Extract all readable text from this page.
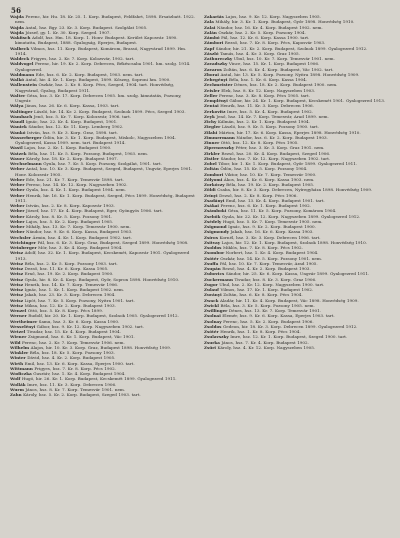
56

Wajda Ferenc, hir. Hu. 18. Kr. 25. 1. Korp. Budapest, Feldfahrt, 1898. Ersatzbatt. 1922. nem.

Wajda Antal, hsz. Bgy. 23. Kr. 3. Korp. Budapest. Szolgálat 1905.

Wajda József, gy. 1. Kr. 30. Korp. Szeged. 1907.

Wakfisch Adolf, hsz. Hm. 18. Korp. 1. Honv. Budapest. Kerület Kaposvár. 1890. kimutatta, Budapest, 1888. Gyalogság, Eperjes, Budapest.

Walbeck Vilmos, hsz. 11. Korp. Budapest, Komárom, Brassó, Nagyvárad 1899. Hm. 1914.

Waldeck Frigyes, hsz. 2. Kr. 7. Korp. Kolozsvár, 1902. tart.

Waldvogel Ferenc, hir. 19. Kr. 2. Korp. Debrecen, Békéscsaba 1901. hm. szolg. 1914. Gyalogezred.

Waldmann Ede, hsz. 6. Kr. 2. Korp. Budapest, 1903. nem. tart.

Walkó Antal, hir. 4. Kr. 1. Korp. Budapest, 1899. Kőszeg, Soproni hm. 1900.

Wallenstein Oszkár, hsz. 2. Kr. 8. Korp. Pécs, Szeged, 1904. tart. Honvédség, Nagyvárad, Gyalog, Budapest 1911.

Walter Géza, hsz. 3. Kr. 17. Korp. Debrecen 1905. hm. szolg. kimutatás, Pozsony, Ungvár.

Wálya János, hsz. 26. Kr. 6. Korp. Kassa, 1903. tart.

Waltinger László, hir. 14. Kr. 2. Korp. Budapest, Szolnok 1899. Pécs, Szeged 1903.

Wambach Jenő, hsz. 5. Kr. 7. Korp. Kolozsvár, 1906. tart.

Wandl Ignác, hsz. 22. Kr. 4. Korp. Budapest, 1901.

Waniek Sándor, hsz. 12. Kr. 11. Korp. Lemberg 1902.

Wankó István, hsz. 9. Kr. 3. Korp. Graz, 1898. tart.

Wasserberger Ödön, hir. 3. Kr. 1. Korp. Budapest, Miskolc, Nagyszeben 1904. Gyalogezred, Kassa 1909. nem. tart. Budapest 1914.

Wastl Lajos, hsz. 2. Kr. 1. Korp. Budapest 1900.

Watzek Béla, hsz. 11. Kr. 5. Korp. Pozsony, Budapest, 1903. nem.

Wauer Károly, hsz. 18. Kr. 2. Korp. Budapest 1907.

Wechselmann Gyula, hsz. 7. Kr. 5. Korp. Pozsony, Szolgálat, 1901. tart.

Weber Antal, hsz. 10. Kr. 3. Korp. Budapest, Szeged, Budapest, Ungvár, Eperjes 1901. Honv. Kolozsvár 1905.

Weber Ede, hsz. 21. Kr. 7. Korp. Temesvár 1898. tart.

Weber Ferenc, hsz. 14. Kr. 12. Korp. Nagyszeben 1902.

Weber Gyula, hsz. 4. Kr. 1. Korp. Budapest 1904. nem.

Weber Henrik, hir. 16. Kr. 1. Korp. Budapest, Szeged, Pécs 1899. Honvédség, Budapest 1911.

Weber István, hsz. 2. Kr. 8. Korp. Kaposvár 1903.

Weber József, hsz. 17. Kr. 4. Korp. Budapest, Eger, Gyöngyös 1906. tart.

Weber Károly, hsz. 8. Kr. 5. Korp. Pozsony 1901.

Weber Lajos, hsz. 5. Kr. 2. Korp. Budapest 1905.

Weber Mihály, hsz. 13. Kr. 7. Korp. Temesvár 1900. nem.

Weber Nándor, hsz. 9. Kr. 6. Korp. Kassa, Budapest 1903.

Wechsler Ármin, hsz. 4. Kr. 1. Korp. Budapest 1902. tart.

Weichinger Pál, hsz. 6. Kr. 3. Korp. Graz, Budapest, Szeged 1899. Honvédség 1908.

Weinberger Mór, hsz. 3. Kr. 4. Korp. Budapest 1904.

Weisz Adolf, hsz. 32. Kr. 1. Korp. Budapest, Kecskemét, Kaposvár 1901. Gyalogezred 1913.

Weisz Béla, hsz. 2. Kr. 5. Korp. Pozsony 1903. tart.

Weisz Dezső, hsz. 11. Kr. 6. Korp. Kassa 1905.

Weisz Ernő, hsz. 19. Kr. 2. Korp. Budapest 1900.

Weisz Gyula, hir. 8. Kr. 4. Korp. Budapest, Győr, Sopron 1898. Honvédség 1910.

Weisz Henrik, hsz. 14. Kr. 7. Korp. Temesvár 1906.

Weisz Ignác, hsz. 1. Kr. 1. Korp. Budapest 1902. nem.

Weisz Jakab, hsz. 23. Kr. 3. Korp. Debrecen 1904.

Weisz Lipót, hsz. 7. Kr. 5. Korp. Pozsony, Nyitra 1901. tart.

Weisz Miksa, hsz. 12. Kr. 2. Korp. Budapest 1903.

Wenzel Ottó, hsz. 5. Kr. 8. Korp. Pécs 1899.

Werner Rudolf, hir. 20. Kr. 1. Korp. Budapest, Szolnok 1905. Gyalogezred 1912.

Wertheimer Samu, hsz. 3. Kr. 6. Korp. Kassa 1900.

Wesselényi Gábor, hsz. 9. Kr. 12. Korp. Nagyszeben 1902. tart.

Wetzel Tivadar, hsz. 15. Kr. 4. Korp. Budapest 1904.

Wiener Zsigmond, hsz. 6. Kr. 1. Korp. Budapest, Vác 1901.

Wild Ferenc, hsz. 2. Kr. 7. Korp. Temesvár 1906. nem.

Wilhelm Alajos, hir. 10. Kr. 3. Korp. Graz, Budapest 1898. Honvédség 1909.

Winkler Béla, hsz. 18. Kr. 5. Korp. Pozsony 1903.

Winter Dávid, hsz. 4. Kr. 2. Korp. Budapest 1905.

Wirth Emil, hsz. 13. Kr. 6. Korp. Kassa, Eperjes 1900. tart.

Wittmann Frigyes, hsz. 7. Kr. 8. Korp. Pécs 1902.

Wodiczka Gusztáv, hsz. 1. Kr. 4. Korp. Budapest 1904.

Wolf Hugó, hir. 26. Kr. 1. Korp. Budapest, Kecskemét 1899. Gyalogezred 1911.

Wollák Imre, hsz. 11. Kr. 3. Korp. Debrecen 1906.

Wurm János, hsz. 8. Kr. 7. Korp. Temesvár 1901. nem.

Zahn Károly, hsz. 5. Kr. 2. Korp. Budapest, Szeged 1903. tart.

Zakariás Lajos, hsz. 9. Kr. 12. Korp. Nagyszeben 1905.

Zala Mihály, hir. 3. Kr. 1. Korp. Budapest, Győr 1898. Honvédség 1910.

Zalai Nándor, hsz. 16. Kr. 4. Korp. Budapest 1902. nem.

Zalán Oszkár, hsz. 2. Kr. 5. Korp. Pozsony 1904.

Zámbó Pál, hsz. 12. Kr. 6. Korp. Kassa 1900. tart.

Zámbori Rezső, hsz. 7. Kr. 8. Korp. Pécs, Kaposvár 1903.

Zapf Sándor, hir. 21. Kr. 2. Korp. Budapest, Szolnok 1899. Gyalogezred 1912.

Zászló Tamás, hsz. 4. Kr. 3. Korp. Graz 1905.

Zathureczky Ubul, hsz. 10. Kr. 7. Korp. Temesvár 1901. nem.

Zavadszky Vince, hsz. 15. Kr. 1. Korp. Budapest 1906.

Zavaros Zoltán, hsz. 6. Kr. 4. Korp. Budapest, Vác 1902. tart.

Zborai Antal, hir. 13. Kr. 5. Korp. Pozsony, Nyitra 1898. Honvédség 1909.

Zebegényi Béla, hsz. 1. Kr. 6. Korp. Kassa 1904.

Zechmeister Dénes, hsz. 18. Kr. 2. Korp. Budapest 1900. nem.

Zeisler Elek, hsz. 8. Kr. 12. Korp. Nagyszeben 1903.

Zeller Ferenc, hsz. 3. Kr. 8. Korp. Pécs 1905. tart.

Zemplényi Gábor, hir. 24. Kr. 1. Korp. Budapest, Kecskemét 1901. Gyalogezred 1913.

Zentai Henrik, hsz. 11. Kr. 3. Korp. Debrecen 1906.

Zerkovitz Imre, hsz. 5. Kr. 4. Korp. Budapest 1902.

Zeyk Jenő, hsz. 14. Kr. 7. Korp. Temesvár, Arad 1899. nem.

Zichy Kálmán, hsz. 2. Kr. 1. Korp. Budapest 1904.

Ziegler László, hsz. 9. Kr. 5. Korp. Pozsony 1900. tart.

Zilahi Márton, hir. 17. Kr. 6. Korp. Kassa, Eperjes 1898. Honvédség 1910.

Zimmermann Nándor, hsz. 6. Kr. 2. Korp. Budapest 1903.

Zinner Ottó, hsz. 12. Kr. 8. Korp. Pécs 1905.

Zipernovszky Péter, hsz. 3. Kr. 3. Korp. Graz 1901. nem.

Zirkler Rezső, hsz. 20. Kr. 4. Korp. Budapest, Szeged 1906.

Zistler Sándor, hsz. 7. Kr. 12. Korp. Nagyszeben 1902. tart.

Zobel Tibor, hir. 1. Kr. 1. Korp. Budapest, Győr 1899. Gyalogezred 1911.

Zoltán Ödön, hsz. 15. Kr. 5. Korp. Pozsony 1904.

Zombori Viktor, hsz. 10. Kr. 7. Korp. Temesvár 1900.

Zólyomi Ákos, hsz. 4. Kr. 6. Korp. Kassa 1903. nem.

Zorkóczy Béla, hsz. 19. Kr. 2. Korp. Budapest 1905.

Zöldi Csaba, hir. 8. Kr. 3. Korp. Debrecen, Nyíregyháza 1898. Honvédség 1909.

Zrínyi Dezső, hsz. 2. Kr. 8. Korp. Pécs 1906.

Zsadányi Emil, hsz. 13. Kr. 4. Korp. Budapest 1901. tart.

Zsákai Ferenc, hsz. 6. Kr. 1. Korp. Budapest 1902.

Zsámboki Géza, hsz. 11. Kr. 5. Korp. Pozsony, Komárom 1904.

Zsebők Gyula, hir. 22. Kr. 12. Korp. Nagyszeben 1899. Gyalogezred 1912.

Zsédely Hugó, hsz. 5. Kr. 7. Korp. Temesvár 1905. nem.

Zsigmond Ignác, hsz. 9. Kr. 2. Korp. Budapest 1900.

Zsigmondy Jakab, hsz. 16. Kr. 6. Korp. Kassa 1903.

Zsíros Kornél, hsz. 3. Kr. 3. Korp. Debrecen 1906. tart.

Zsitvay Lajos, hir. 12. Kr. 1. Korp. Budapest, Szolnok 1898. Honvédség 1910.

Zsoldos Miklós, hsz. 7. Kr. 8. Korp. Pécs 1902.

Zsombor Norbert, hsz. 1. Kr. 4. Korp. Budapest 1904.

Zsótér Oszkár, hsz. 14. Kr. 5. Korp. Pozsony 1901. nem.

Zsuffa Pál, hsz. 10. Kr. 7. Korp. Temesvár, Arad 1905.

Zsupán Rezső, hsz. 4. Kr. 2. Korp. Budapest 1903.

Zubovics Sándor, hir. 25. Kr. 6. Korp. Kassa, Ungvár 1899. Gyalogezred 1911.

Zuckermann Tivadar, hsz. 8. Kr. 3. Korp. Graz 1906.

Zugor Ubul, hsz. 2. Kr. 12. Korp. Nagyszeben 1900. tart.

Zulauf Vilmos, hsz. 17. Kr. 1. Korp. Budapest 1902.

Zurányi Zoltán, hsz. 6. Kr. 8. Korp. Pécs 1904.

Zwack Aladár, hir. 11. Kr. 4. Korp. Budapest, Vác 1898. Honvédség 1909.

Zwickl Béla, hsz. 3. Kr. 5. Korp. Pozsony 1905. nem.

Zwillinger Dénes, hsz. 13. Kr. 7. Korp. Temesvár 1901.

Zsolnai Elemér, hsz. 9. Kr. 6. Korp. Kassa, Eperjes 1903. tart.

Zsolnay Ferenc, hsz. 5. Kr. 2. Korp. Budapest 1906.

Zsoldos Gedeon, hir. 18. Kr. 3. Korp. Debrecen 1899. Gyalogezred 1912.

Zsótér Henrik, hsz. 1. Kr. 8. Korp. Pécs 1904.

Zsulavszky Imre, hsz. 12. Kr. 1. Korp. Budapest, Szeged 1900. tart.

Zsurka János, hsz. 7. Kr. 4. Korp. Budapest 1902.

Zsűri Károly, hsz. 4. Kr. 12. Korp. Nagyszeben 1905.
